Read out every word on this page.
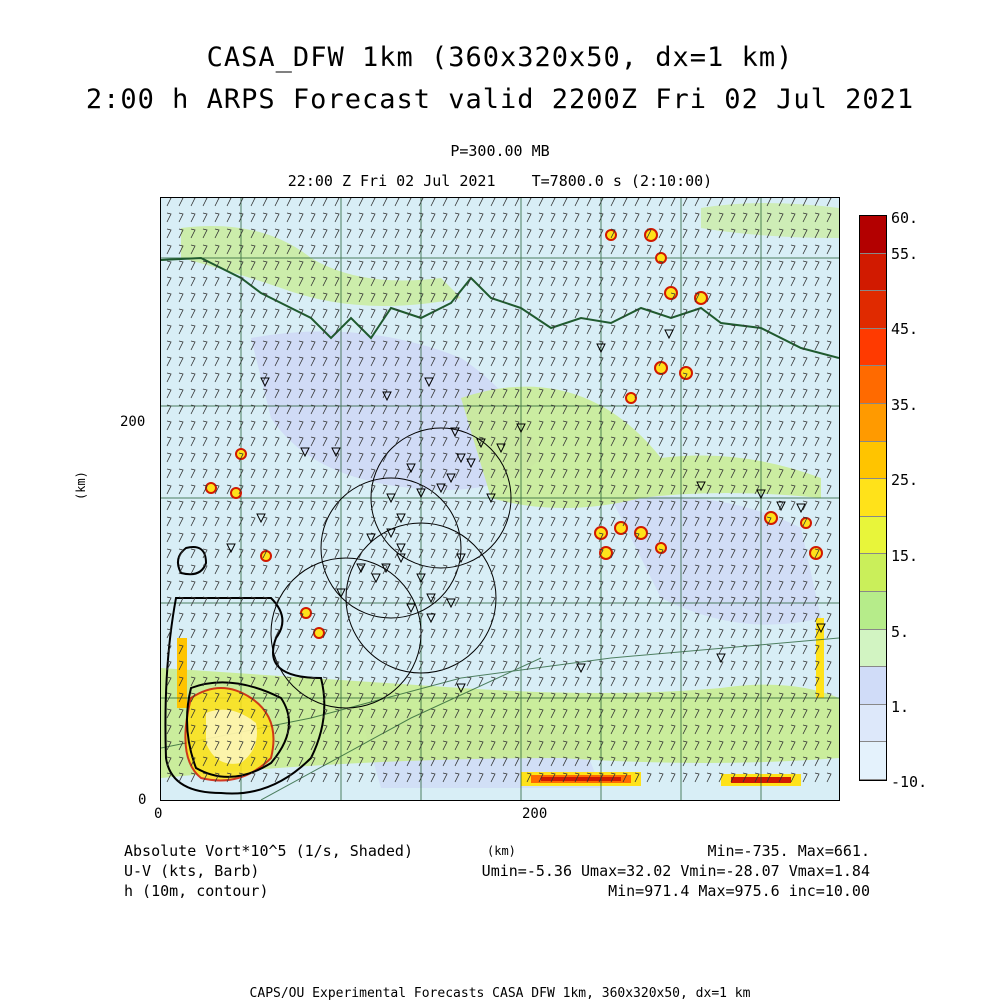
CASA_DFW 1km (360x320x50, dx=1 km)
2:00 h ARPS Forecast valid 2200Z Fri 02 Jul 2021
P=300.00 MB
22:00 Z Fri 02 Jul 2021    T=7800.0 s (2:10:00)
0	200
0
200
(km)
Absolute Vort*10^5 (1/s, Shaded)
U-V (kts, Barb)
h (10m, contour)
(km)	Min=-735. Max=661.
Umin=-5.36 Umax=32.02 Vmin=-28.07 Vmax=1.84
Min=971.4 Max=975.6 inc=10.00
CAPS/OU Experimental Forecasts CASA DFW 1km, 360x320x50, dx=1 km
60.
55.
45.
35.
25.
15.
5.
1.
-10.
